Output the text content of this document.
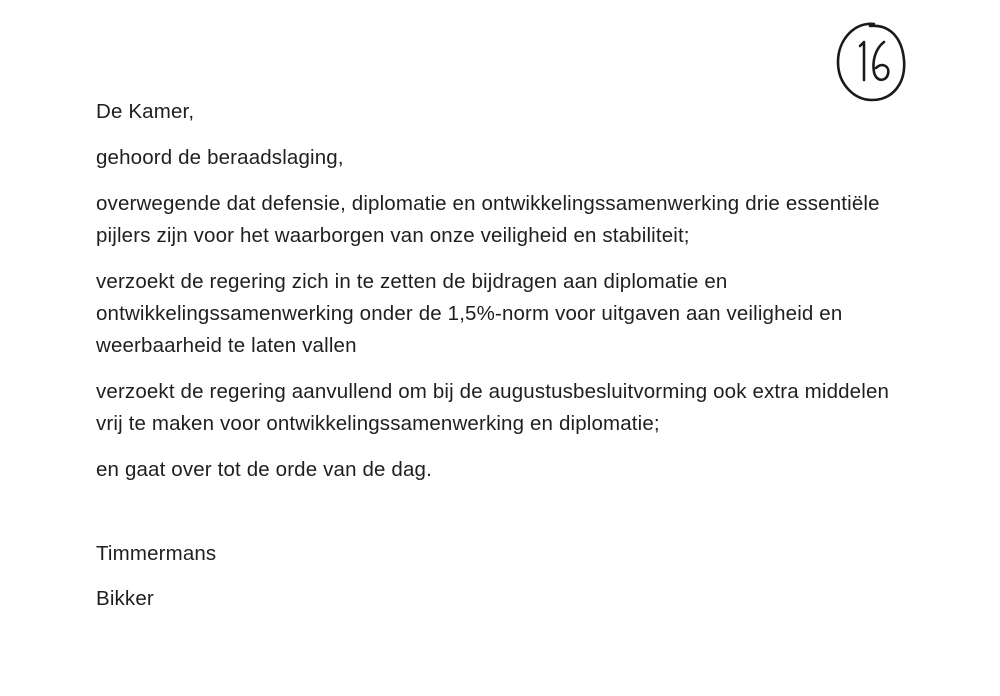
De Kamer,

gehoord de beraadslaging,

overwegende dat defensie, diplomatie en ontwikkelingssamenwerking drie essentiële pijlers zijn voor het waarborgen van onze veiligheid en stabiliteit;

verzoekt de regering zich in te zetten de bijdragen aan diplomatie en ontwikkelingssamenwerking onder de 1,5%-norm voor uitgaven aan veiligheid en weerbaarheid te laten vallen

verzoekt de regering aanvullend om bij de augustusbesluitvorming ook extra middelen vrij te maken voor ontwikkelingssamenwerking en diplomatie;

en gaat over tot de orde van de dag.

Timmermans

Bikker
